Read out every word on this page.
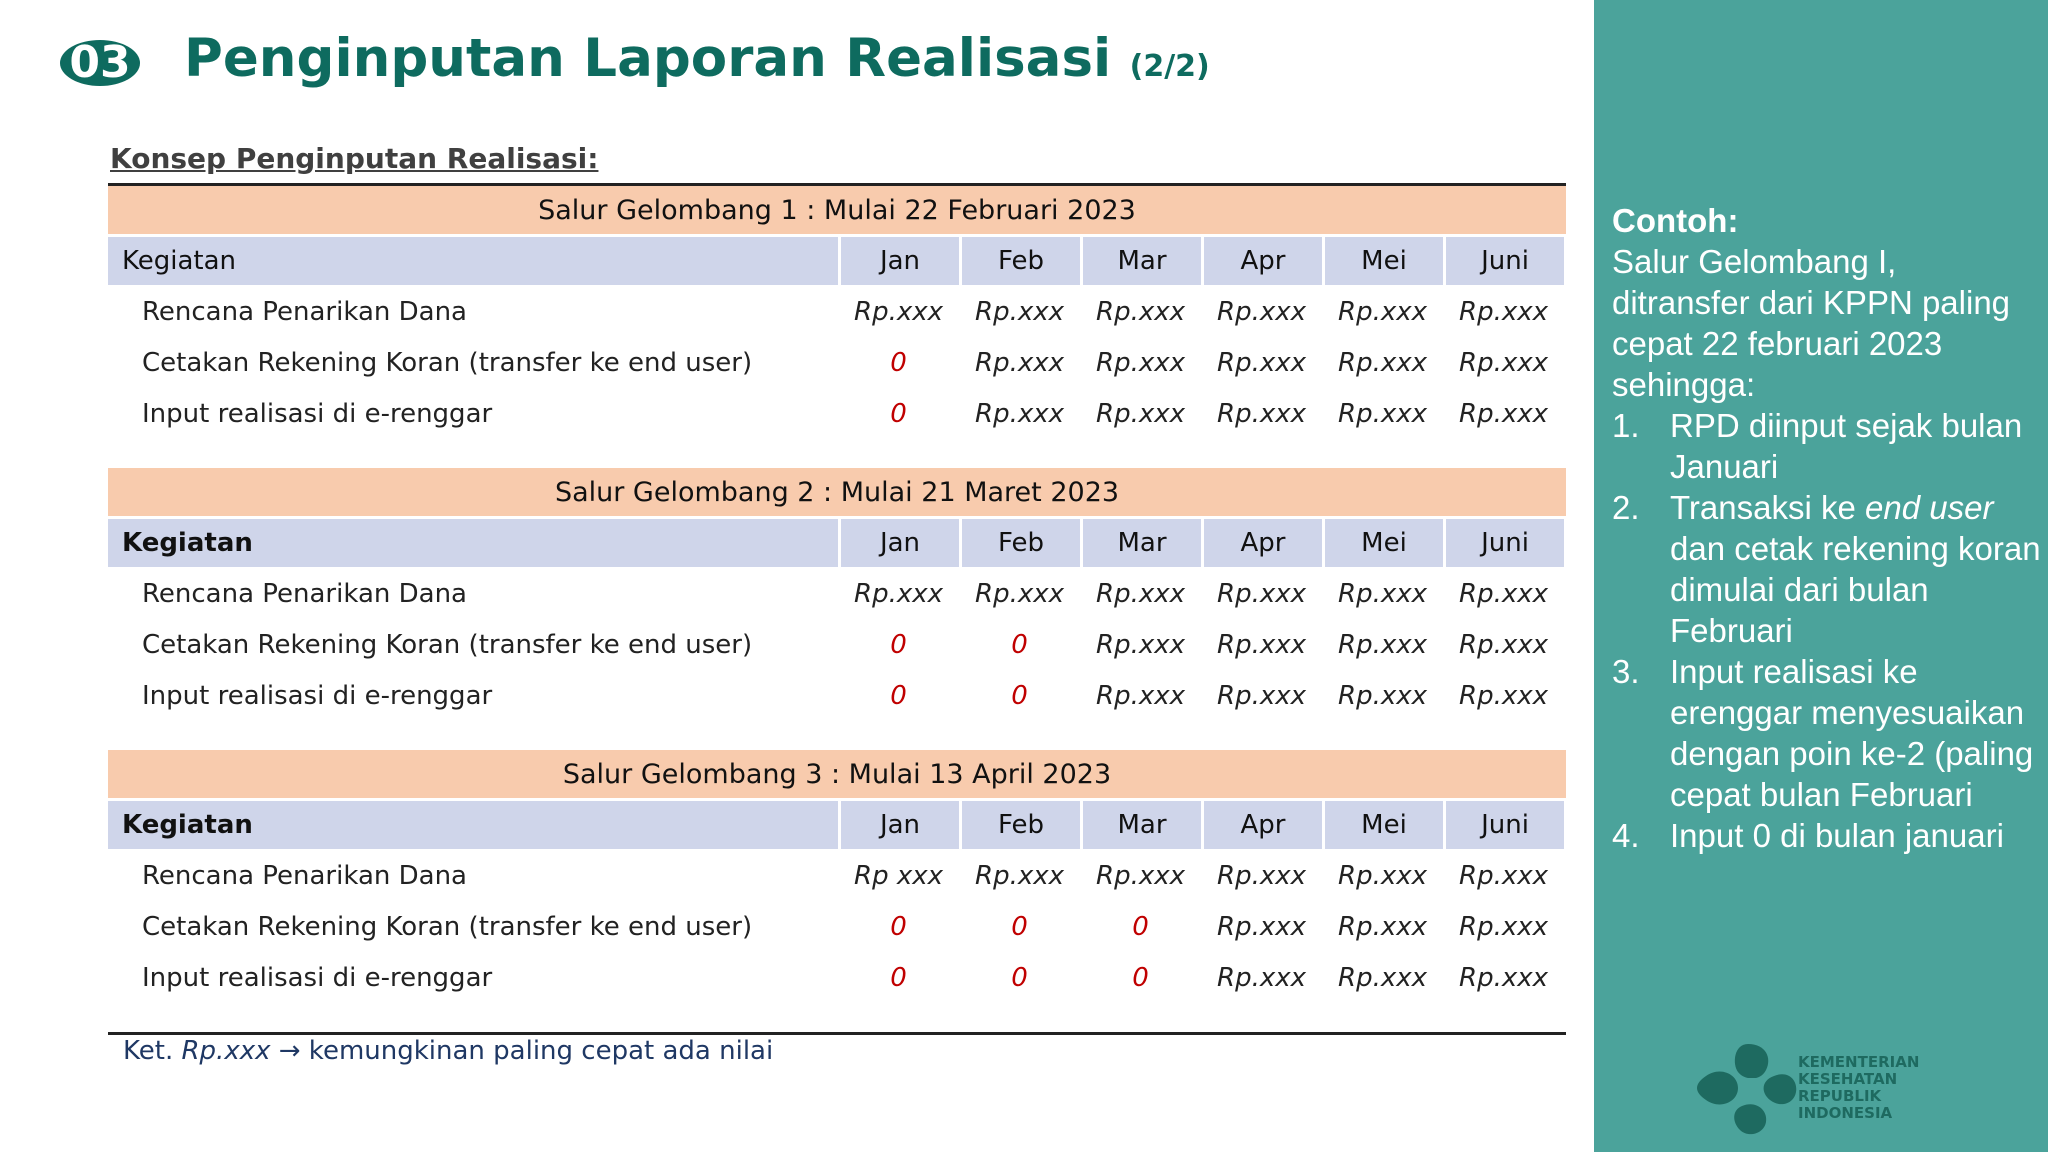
03 Penginputan Laporan Realisasi (2/2)
Konsep Penginputan Realisasi:
Salur Gelombang 1 : Mulai 22 Februari 2023
Kegiatan	Jan	Feb	Mar	Apr	Mei	Juni
Rencana Penarikan Dana	Rp.xxx	Rp.xxx	Rp.xxx	Rp.xxx	Rp.xxx	Rp.xxx
Cetakan Rekening Koran (transfer ke end user)	0	Rp.xxx	Rp.xxx	Rp.xxx	Rp.xxx	Rp.xxx
Input realisasi di e-renggar	0	Rp.xxx	Rp.xxx	Rp.xxx	Rp.xxx	Rp.xxx
Salur Gelombang 2 : Mulai 21 Maret 2023
Kegiatan	Jan	Feb	Mar	Apr	Mei	Juni
Rencana Penarikan Dana	Rp.xxx	Rp.xxx	Rp.xxx	Rp.xxx	Rp.xxx	Rp.xxx
Cetakan Rekening Koran (transfer ke end user)	0	0	Rp.xxx	Rp.xxx	Rp.xxx	Rp.xxx
Input realisasi di e-renggar	0	0	Rp.xxx	Rp.xxx	Rp.xxx	Rp.xxx
Salur Gelombang 3 : Mulai 13 April 2023
Kegiatan	Jan	Feb	Mar	Apr	Mei	Juni
Rencana Penarikan Dana	Rp xxx	Rp.xxx	Rp.xxx	Rp.xxx	Rp.xxx	Rp.xxx
Cetakan Rekening Koran (transfer ke end user)	0	0	0	Rp.xxx	Rp.xxx	Rp.xxx
Input realisasi di e-renggar	0	0	0	Rp.xxx	Rp.xxx	Rp.xxx
Ket. Rp.xxx → kemungkinan paling cepat ada nilai
Contoh:
Salur Gelombang I, ditransfer dari KPPN paling cepat 22 februari 2023 sehingga:
1. RPD diinput sejak bulan Januari
2. Transaksi ke end user dan cetak rekening koran dimulai dari bulan Februari
3. Input realisasi ke erenggar menyesuaikan dengan poin ke-2 (paling cepat bulan Februari
4. Input 0 di bulan januari
KEMENTERIAN
KESEHATAN
REPUBLIK
INDONESIA
